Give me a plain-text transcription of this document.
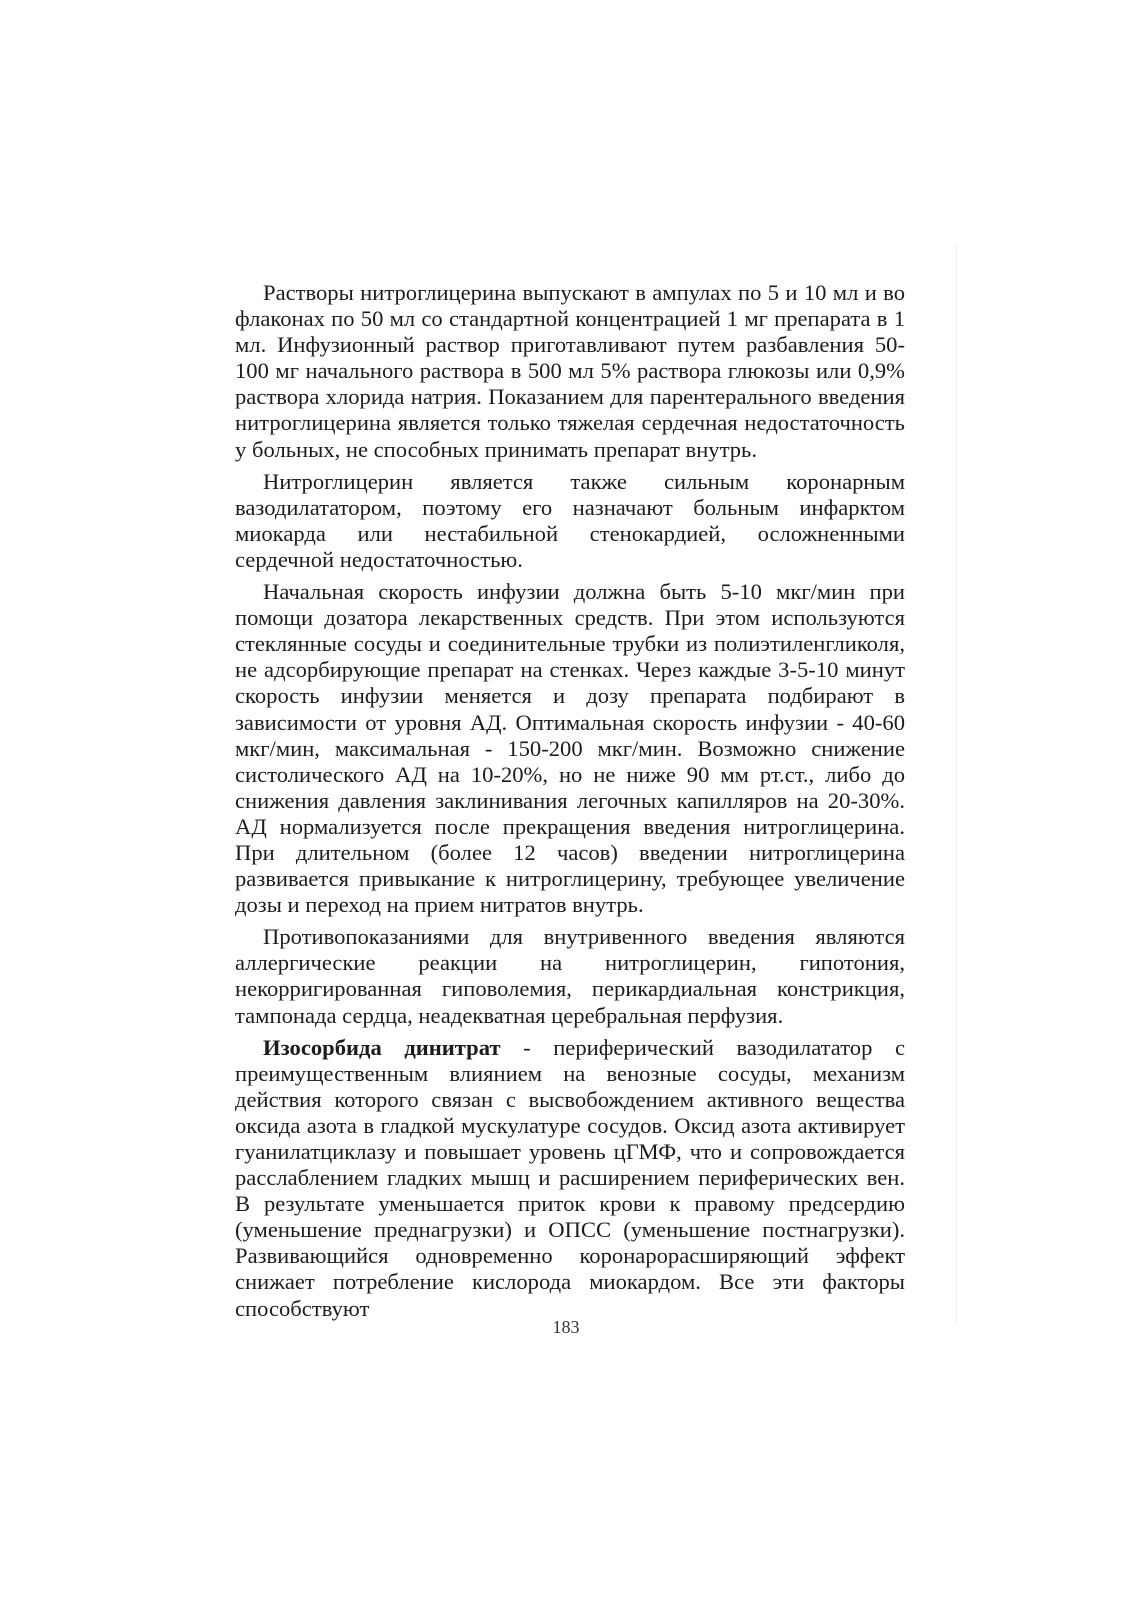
Растворы нитроглицерина выпускают в ампулах по 5 и 10 мл и во флаконах по 50 мл со стандартной концентрацией 1 мг препарата в 1 мл. Инфузионный раствор приготавливают путем разбавления 50-100 мг начального раствора в 500 мл 5% раствора глюкозы или 0,9% раствора хлорида натрия. Показанием для парентерального введения нитроглицерина является только тяжелая сердечная недостаточность у больных, не способных принимать препарат внутрь.

Нитроглицерин является также сильным коронарным вазодилататором, поэтому его назначают больным инфарктом миокарда или нестабильной стенокардией, осложненными сердечной недостаточностью.

Начальная скорость инфузии должна быть 5-10 мкг/мин при помощи дозатора лекарственных средств. При этом используются стеклянные сосуды и соединительные трубки из полиэтиленгликоля, не адсорбирующие препарат на стенках. Через каждые 3-5-10 минут скорость инфузии меняется и дозу препарата подбирают в зависимости от уровня АД. Оптимальная скорость инфузии - 40-60 мкг/мин, максимальная - 150-200 мкг/мин. Возможно снижение систолического АД на 10-20%, но не ниже 90 мм рт.ст., либо до снижения давления заклинивания легочных капилляров на 20-30%. АД нормализуется после прекращения введения нитроглицерина. При длительном (более 12 часов) введении нитроглицерина развивается привыкание к нитроглицерину, требующее увеличение дозы и переход на прием нитратов внутрь.

Противопоказаниями для внутривенного введения являются аллергические реакции на нитроглицерин, гипотония, некорригированная гиповолемия, перикардиальная констрикция, тампонада сердца, неадекватная церебральная перфузия.

Изосорбида динитрат - периферический вазодилататор с преимущественным влиянием на венозные сосуды, механизм действия которого связан с высвобождением активного вещества оксида азота в гладкой мускулатуре сосудов. Оксид азота активирует гуанилатциклазу и повышает уровень цГМФ, что и сопровождается расслаблением гладких мышц и расширением периферических вен. В результате уменьшается приток крови к правому предсердию (уменьшение преднагрузки) и ОПСС (уменьшение постнагрузки). Развивающийся одновременно коронарорасширяющий эффект снижает потребление кислорода миокардом. Все эти факторы способствуют

183
